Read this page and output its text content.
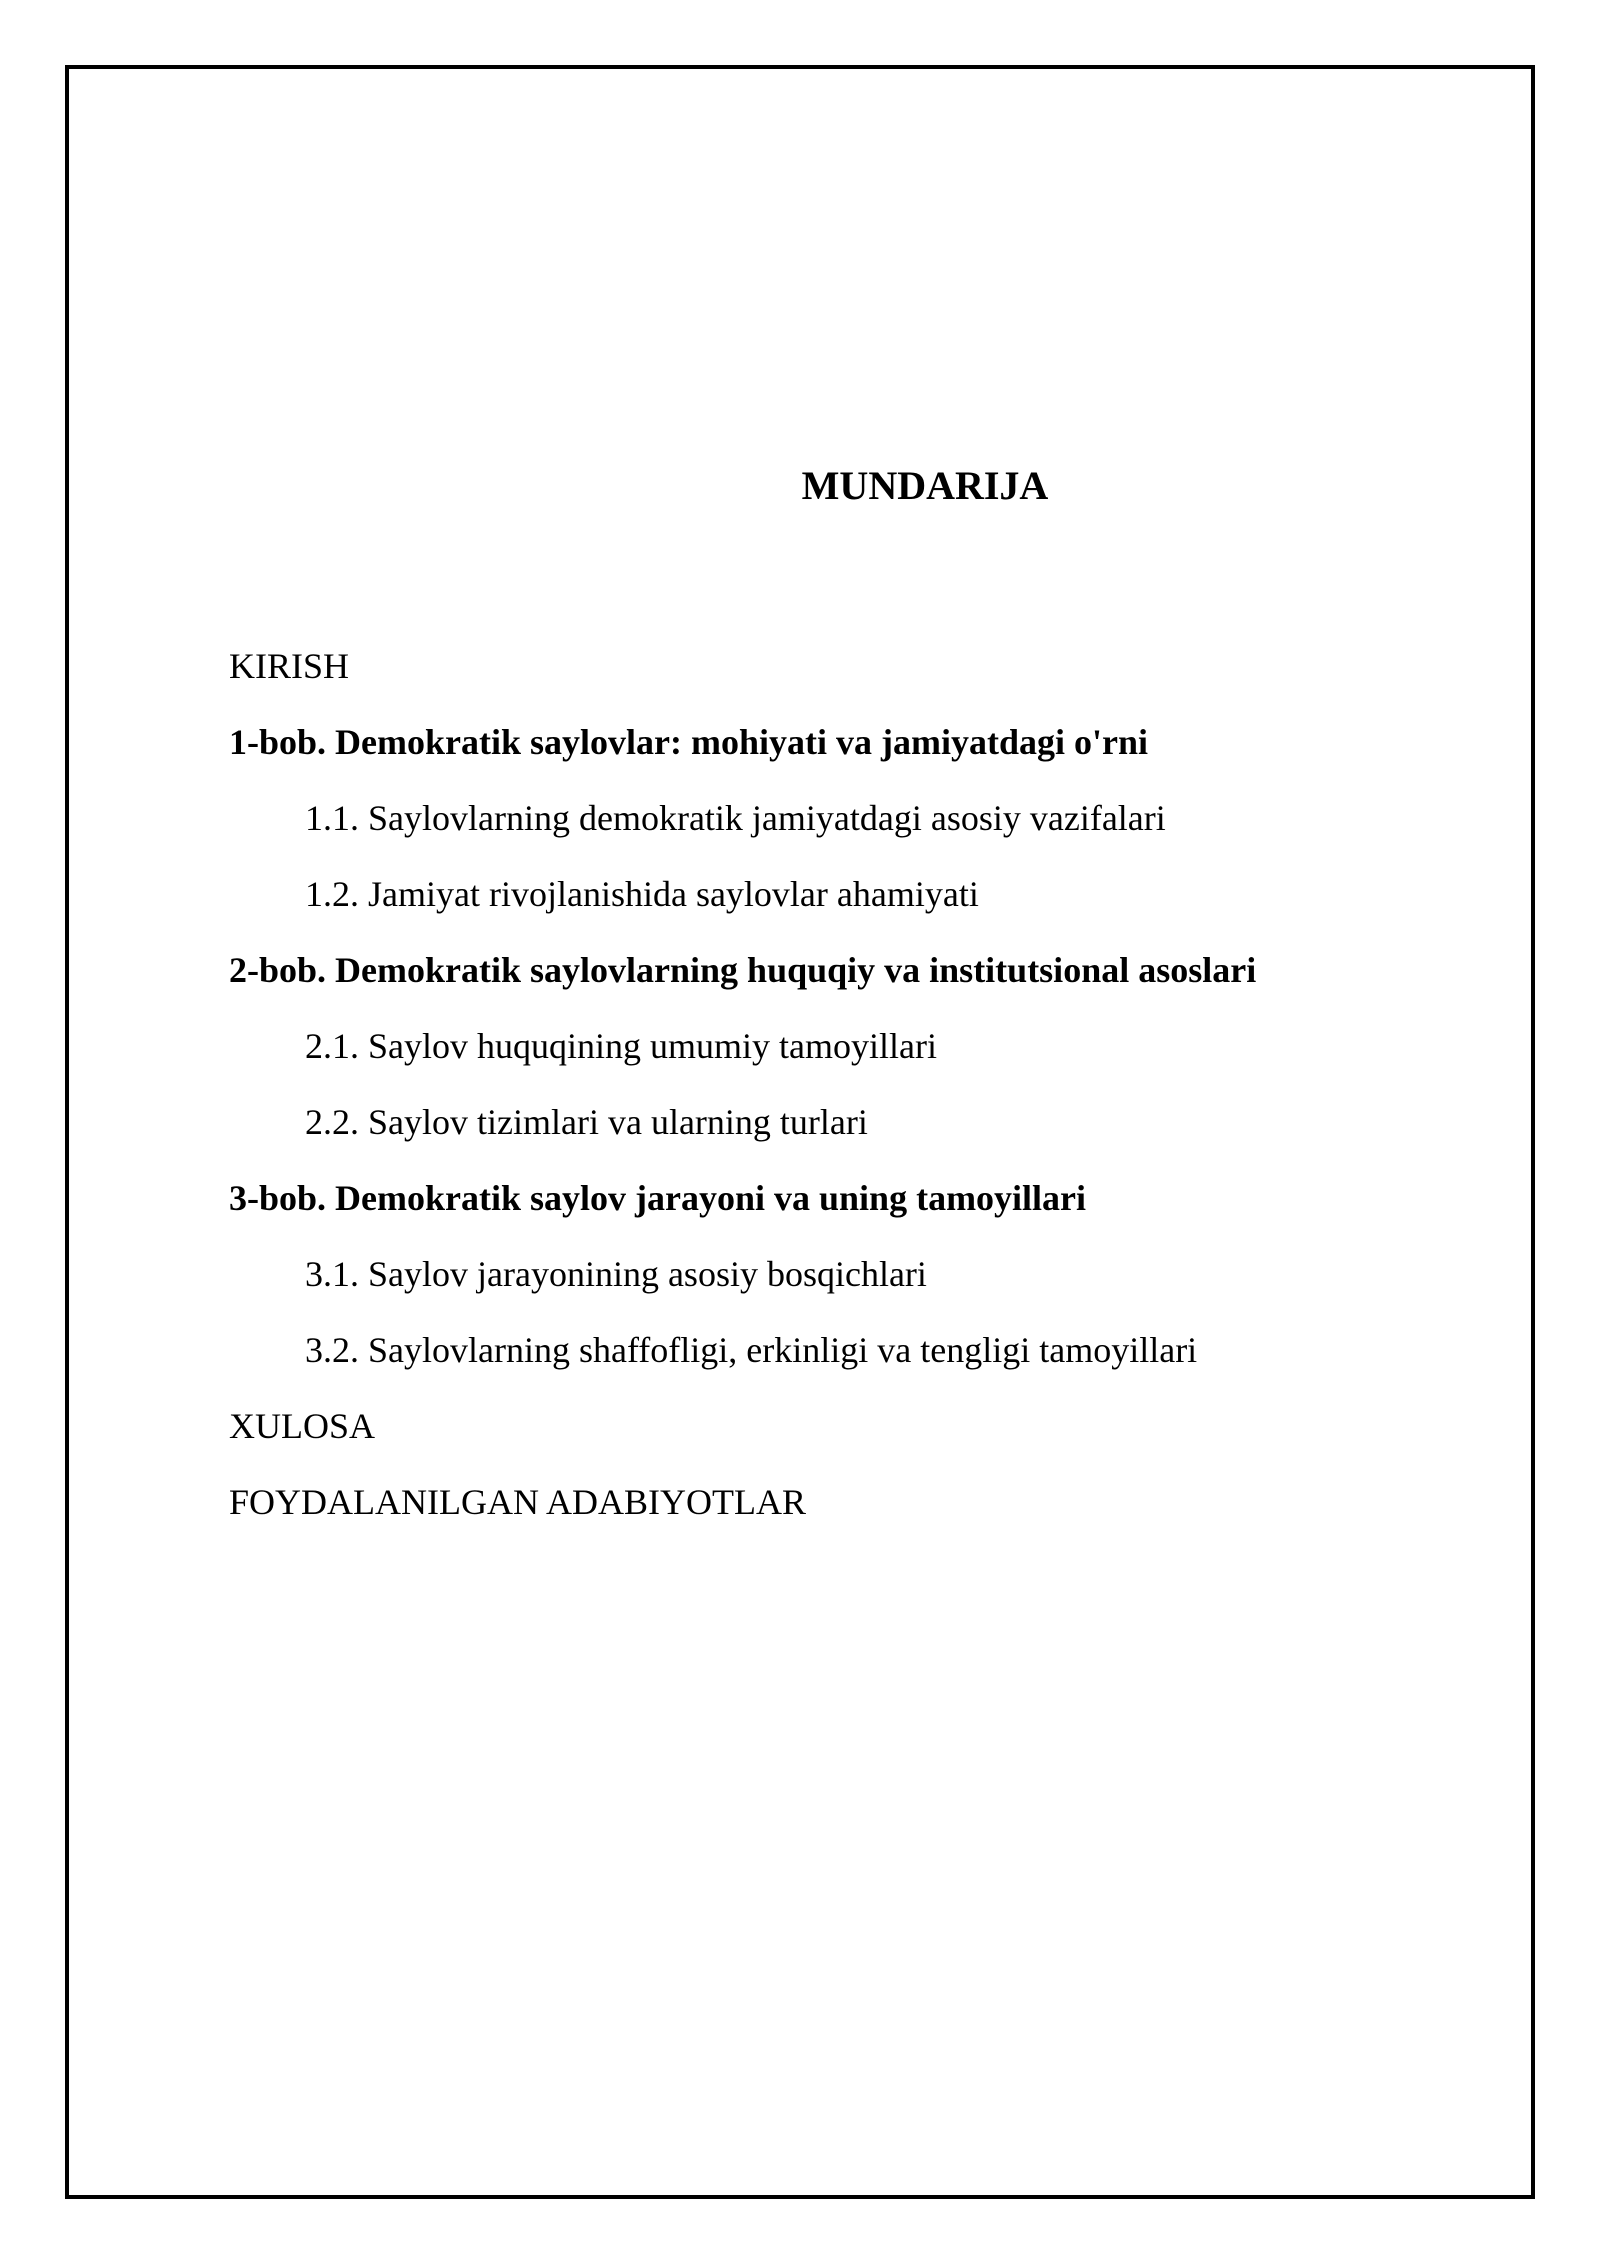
MUNDARIJA
KIRISH
1-bob. Demokratik saylovlar: mohiyati va jamiyatdagi o'rni
1.1. Saylovlarning demokratik jamiyatdagi asosiy vazifalari
1.2. Jamiyat rivojlanishida saylovlar ahamiyati
2-bob. Demokratik saylovlarning huquqiy va institutsional asoslari
2.1. Saylov huquqining umumiy tamoyillari
2.2. Saylov tizimlari va ularning turlari
3-bob. Demokratik saylov jarayoni va uning tamoyillari
3.1. Saylov jarayonining asosiy bosqichlari
3.2. Saylovlarning shaffofligi, erkinligi va tengligi tamoyillari
XULOSA
FOYDALANILGAN ADABIYOTLAR
